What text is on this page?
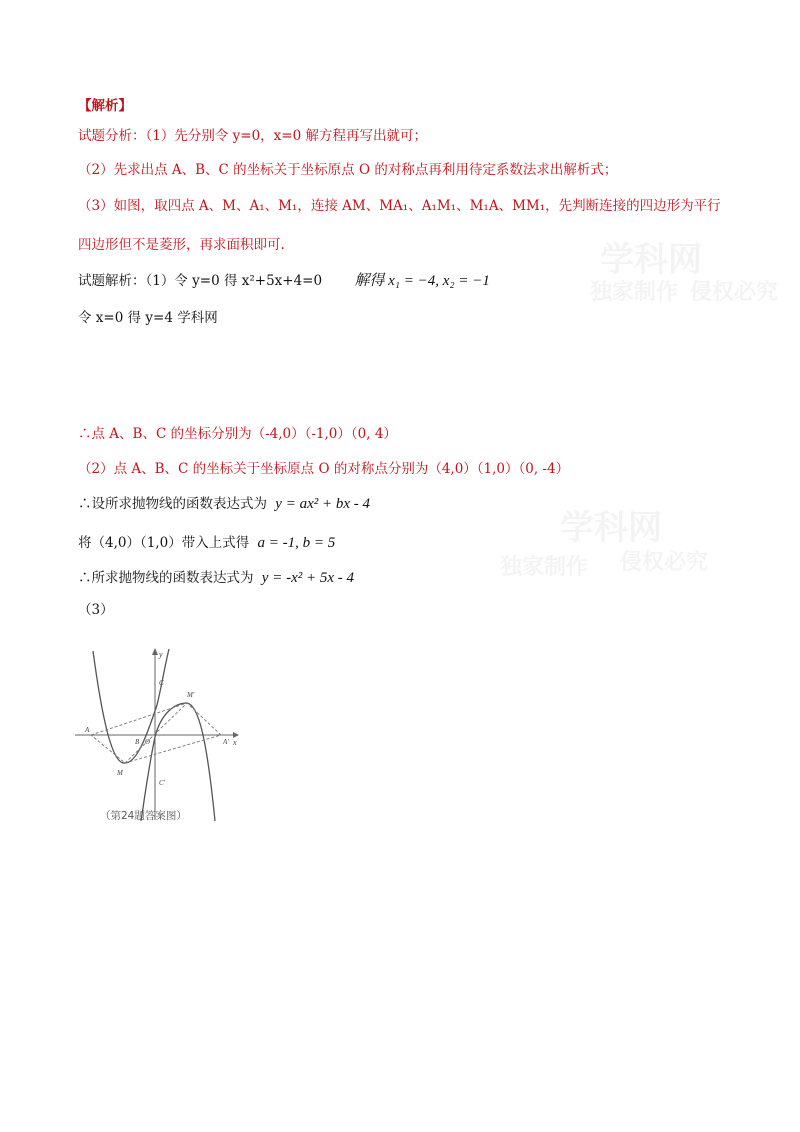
学科网
独家制作 侵权必究
学科网
侵权必究
独家制作
【解析】
试题分析：（1）先分别令 y=0，x=0 解方程再写出就可；
（2）先求出点 A、B、C 的坐标关于坐标原点 O 的对称点再利用待定系数法求出解析式；
（3）如图，取四点 A、M、A₁、M₁，连接 AM、MA₁、A₁M₁、M₁A、MM₁，先判断连接的四边形为平行
四边形但不是菱形，再求面积即可.
试题解析：（1）令 y=0 得 x²+5x+4=0 解得 x₁ = −4, x₂ = −1
令 x=0 得 y=4 学科网
∴点 A、B、C 的坐标分别为（-4,0）（-1,0）（0, 4）
（2）点 A、B、C 的坐标关于坐标原点 O 的对称点分别为（4,0）（1,0）（0, -4）
∴设所求抛物线的函数表达式为 y = ax² + bx - 4
将（4,0）（1,0）带入上式得 a = -1, b = 5
∴所求抛物线的函数表达式为 y = -x² + 5x - 4
（3）
y
x
O
A
A'
M
M'
C
C'
B
（第24题答案图）
